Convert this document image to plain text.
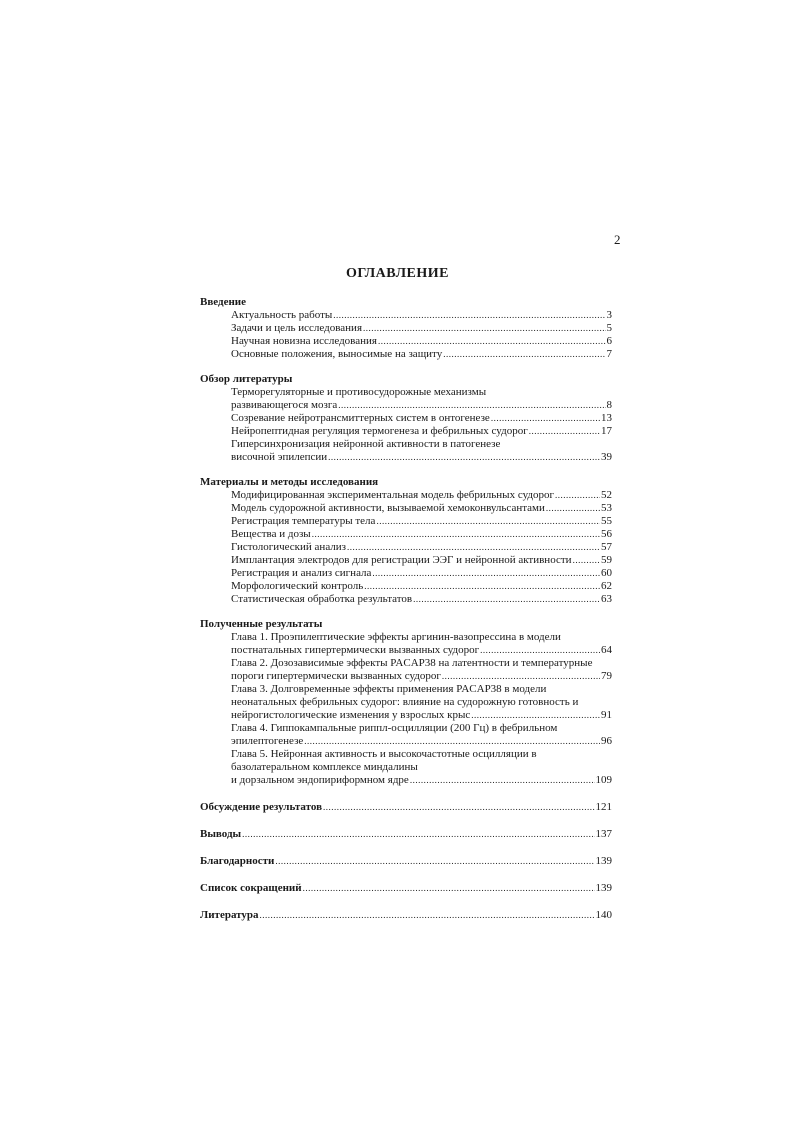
2
ОГЛАВЛЕНИЕ
Введение
Актуальность работы .....	3
Задачи и цель исследования .....	5
Научная новизна исследования .....	6
Основные положения, выносимые на защиту .....	7
Обзор литературы
Терморегуляторные и противосудорожные механизмы
развивающегося мозга .....	8
Созревание нейротрансмиттерных систем в онтогенезе .....	13
Нейропептидная регуляция термогенеза и фебрильных судорог .....	17
Гиперсинхронизация нейронной активности в патогенезе
височной эпилепсии .....	39
Материалы и методы исследования
Модифицированная экспериментальная модель фебрильных судорог .....	52
Модель судорожной активности, вызываемой хемоконвульсантами .....	53
Регистрация температуры тела .....	55
Вещества и дозы .....	56
Гистологический анализ .....	57
Имплантация электродов для регистрации ЭЭГ и нейронной активности .....	59
Регистрация и анализ сигнала .....	60
Морфологический контроль .....	62
Статистическая обработка результатов .....	63
Полученные результаты
Глава 1. Проэпилептические эффекты аргинин-вазопрессина в модели
постнатальных гипертермически вызванных судорог .....	64
Глава 2. Дозозависимые эффекты PACAP38 на латентности и температурные
пороги гипертермически вызванных судорог .....	79
Глава 3. Долговременные эффекты применения PACAP38 в модели
неонатальных фебрильных судорог: влияние на судорожную готовность и
нейрогистологические изменения у взрослых крыс .....	91
Глава 4. Гиппокампальные риппл-осцилляции (200 Гц) в фебрильном
эпилептогенезе .....	96
Глава 5. Нейронная активность и высокочастотные осцилляции в
базолатеральном комплексе миндалины
и дорзальном эндопириформном ядре .....	109
Обсуждение результатов .....	121
Выводы .....	137
Благодарности .....	139
Список сокращений .....	139
Литература .....	140
